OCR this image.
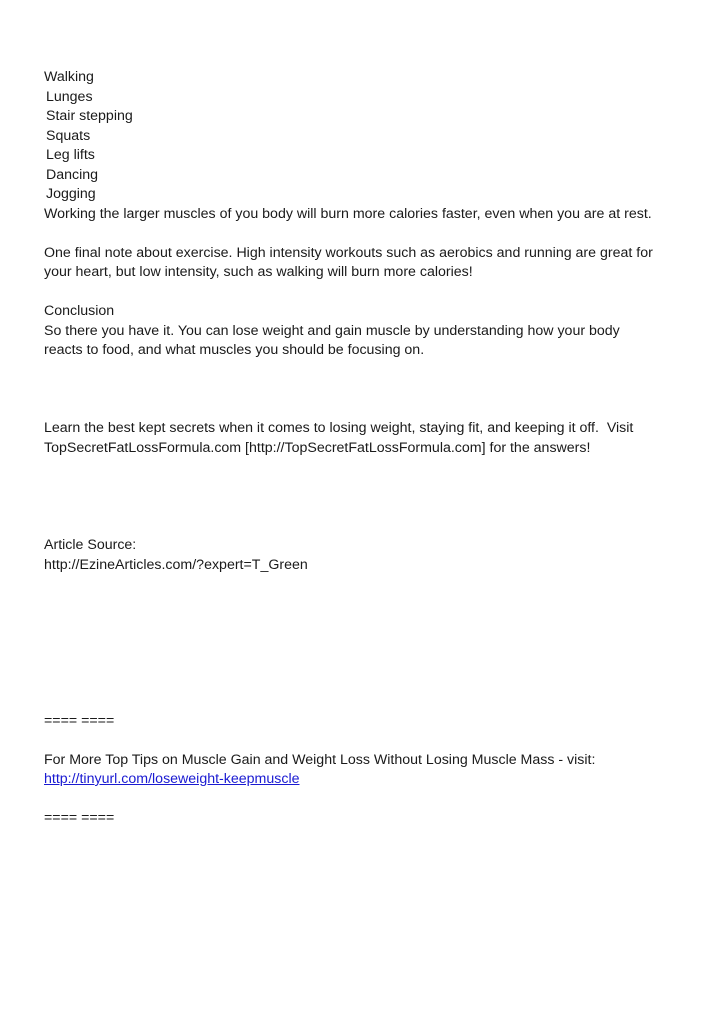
Walking
Lunges
Stair stepping
Squats
Leg lifts
Dancing
Jogging
Working the larger muscles of you body will burn more calories faster, even when you are at rest.
One final note about exercise. High intensity workouts such as aerobics and running are great for
your heart, but low intensity, such as walking will burn more calories!
Conclusion
So there you have it. You can lose weight and gain muscle by understanding how your body
reacts to food, and what muscles you should be focusing on.
Learn the best kept secrets when it comes to losing weight, staying fit, and keeping it off.  Visit
TopSecretFatLossFormula.com [http://TopSecretFatLossFormula.com] for the answers!
Article Source:
http://EzineArticles.com/?expert=T_Green
==== ====
For More Top Tips on Muscle Gain and Weight Loss Without Losing Muscle Mass - visit:
http://tinyurl.com/loseweight-keepmuscle
==== ====
